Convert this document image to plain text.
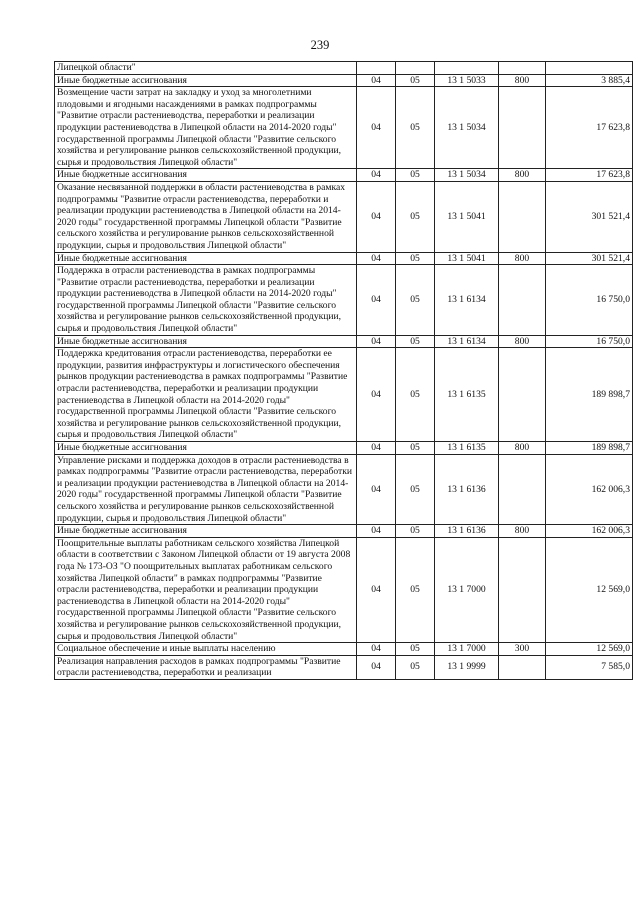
239
Липецкой области"					
Иные бюджетные ассигнования	04	05	13 1 5033	800	3 885,4
Возмещение части затрат на закладку и уход за многолетними плодовыми и ягодными насаждениями в рамках подпрограммы "Развитие отрасли растениеводства, переработки и реализации продукции растениеводства в Липецкой области на 2014-2020 годы" государственной программы Липецкой области "Развитие сельского хозяйства и регулирование рынков сельскохозяйственной продукции, сырья и продовольствия Липецкой области"	04	05	13 1 5034		17 623,8
Иные бюджетные ассигнования	04	05	13 1 5034	800	17 623,8
Оказание несвязанной поддержки в области растениеводства в рамках подпрограммы "Развитие отрасли растениеводства, переработки и реализации продукции растениеводства в Липецкой области на 2014-2020 годы" государственной программы Липецкой области "Развитие сельского хозяйства и регулирование рынков сельскохозяйственной продукции, сырья и продовольствия Липецкой области"	04	05	13 1 5041		301 521,4
Иные бюджетные ассигнования	04	05	13 1 5041	800	301 521,4
Поддержка в отрасли растениеводства в рамках подпрограммы "Развитие отрасли растениеводства, переработки и реализации продукции растениеводства в Липецкой области на 2014-2020 годы" государственной программы Липецкой области "Развитие сельского хозяйства и регулирование рынков сельскохозяйственной продукции, сырья и продовольствия Липецкой области"	04	05	13 1 6134		16 750,0
Иные бюджетные ассигнования	04	05	13 1 6134	800	16 750,0
Поддержка кредитования отрасли растениеводства, переработки ее продукции, развития инфраструктуры и логистического обеспечения рынков продукции растениеводства в рамках подпрограммы "Развитие отрасли растениеводства, переработки и реализации продукции растениеводства в Липецкой области на 2014-2020 годы" государственной программы Липецкой области "Развитие сельского хозяйства и регулирование рынков сельскохозяйственной продукции, сырья и продовольствия Липецкой области"	04	05	13 1 6135		189 898,7
Иные бюджетные ассигнования	04	05	13 1 6135	800	189 898,7
Управление рисками и поддержка доходов в отрасли растениеводства в рамках подпрограммы "Развитие отрасли растениеводства, переработки и реализации продукции растениеводства в Липецкой области на 2014-2020 годы" государственной программы Липецкой области "Развитие сельского хозяйства и регулирование рынков сельскохозяйственной продукции, сырья и продовольствия Липецкой области"	04	05	13 1 6136		162 006,3
Иные бюджетные ассигнования	04	05	13 1 6136	800	162 006,3
Поощрительные выплаты работникам сельского хозяйства Липецкой области в соответствии с Законом Липецкой области от 19 августа 2008 года № 173-ОЗ "О поощрительных выплатах работникам сельского хозяйства Липецкой области" в рамках подпрограммы "Развитие отрасли растениеводства, переработки и реализации продукции растениеводства в Липецкой области на 2014-2020 годы" государственной программы Липецкой области "Развитие сельского хозяйства и регулирование рынков сельскохозяйственной продукции, сырья и продовольствия Липецкой области"	04	05	13 1 7000		12 569,0
Социальное обеспечение и иные выплаты населению	04	05	13 1 7000	300	12 569,0
Реализация направления расходов в рамках подпрограммы "Развитие отрасли растениеводства, переработки и реализации	04	05	13 1 9999		7 585,0
